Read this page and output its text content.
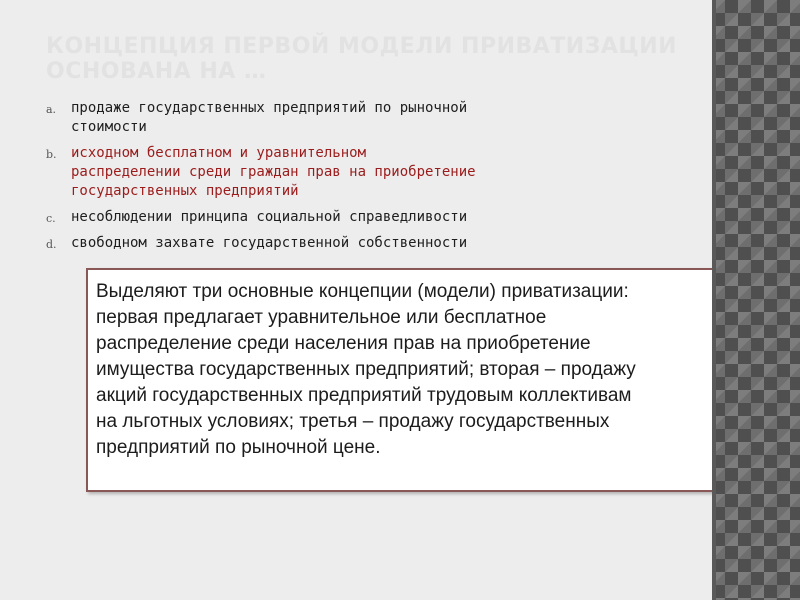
КОНЦЕПЦИЯ ПЕРВОЙ МОДЕЛИ ПРИВАТИЗАЦИИ
ОСНОВАНА НА …
a. продаже государственных предприятий по рыночной
стоимости
b. исходном бесплатном и уравнительном
распределении среди граждан прав на приобретение
государственных предприятий
c. несоблюдении принципа социальной справедливости
d. свободном захвате государственной собственности
Выделяют три основные концепции (модели) приватизации:
первая предлагает уравнительное или бесплатное
распределение среди населения прав на приобретение
имущества государственных предприятий; вторая – продажу
акций государственных предприятий трудовым коллективам
на льготных условиях; третья – продажу государственных
предприятий по рыночной цене.
